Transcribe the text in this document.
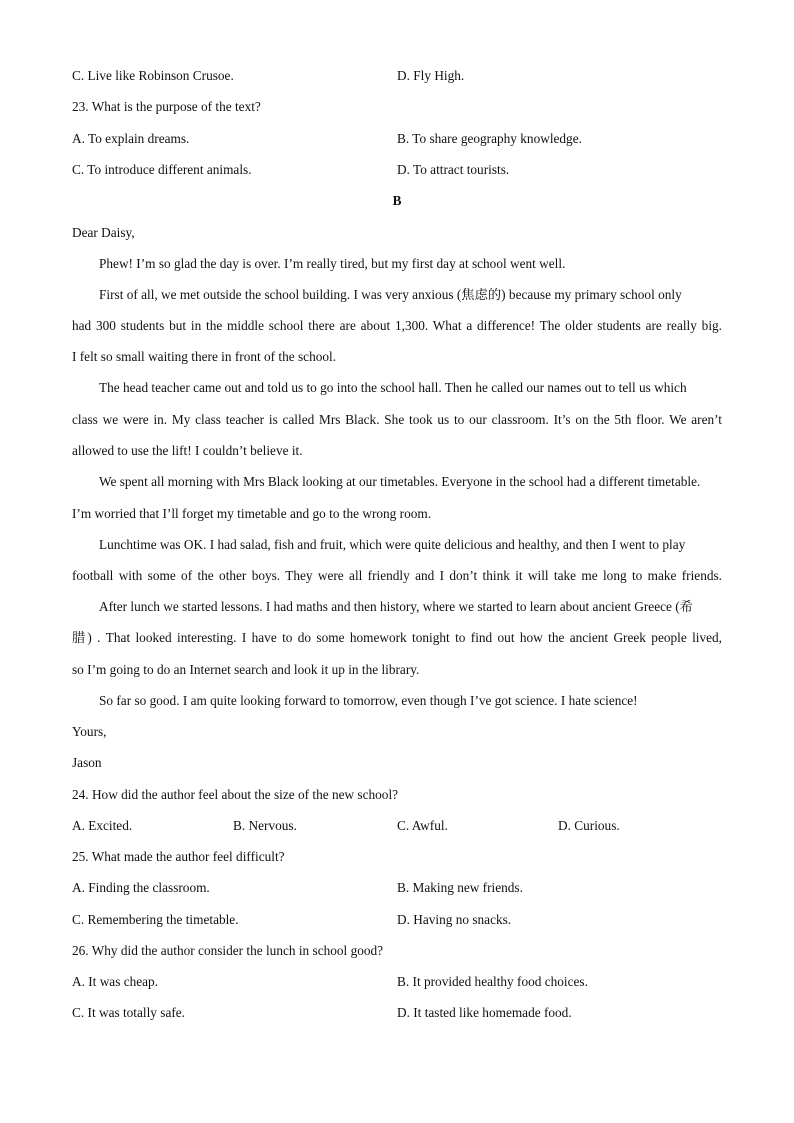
C. Live like Robinson Crusoe.	D. Fly High.
23. What is the purpose of the text?
A. To explain dreams.	B. To share geography knowledge.
C. To introduce different animals.	D. To attract tourists.
B
Dear Daisy,
Phew! I’m so glad the day is over. I’m really tired, but my first day at school went well.
First of all, we met outside the school building. I was very anxious (焦虑的) because my primary school only
had 300 students but in the middle school there are about 1,300. What a difference! The older students are really big.
I felt so small waiting there in front of the school.
The head teacher came out and told us to go into the school hall. Then he called our names out to tell us which
class we were in. My class teacher is called Mrs Black. She took us to our classroom. It’s on the 5th floor. We aren’t
allowed to use the lift! I couldn’t believe it.
We spent all morning with Mrs Black looking at our timetables. Everyone in the school had a different timetable.
I’m worried that I’ll forget my timetable and go to the wrong room.
Lunchtime was OK. I had salad, fish and fruit, which were quite delicious and healthy, and then I went to play
football with some of the other boys. They were all friendly and I don’t think it will take me long to make friends.
After lunch we started lessons. I had maths and then history, where we started to learn about ancient Greece (希
腊) . That looked interesting. I have to do some homework tonight to find out how the ancient Greek people lived,
so I’m going to do an Internet search and look it up in the library.
So far so good. I am quite looking forward to tomorrow, even though I’ve got science. I hate science!
Yours,
Jason
24. How did the author feel about the size of the new school?
A. Excited.	B. Nervous.	C. Awful.	D. Curious.
25. What made the author feel difficult?
A. Finding the classroom.	B. Making new friends.
C. Remembering the timetable.	D. Having no snacks.
26. Why did the author consider the lunch in school good?
A. It was cheap.	B. It provided healthy food choices.
C. It was totally safe.	D. It tasted like homemade food.
